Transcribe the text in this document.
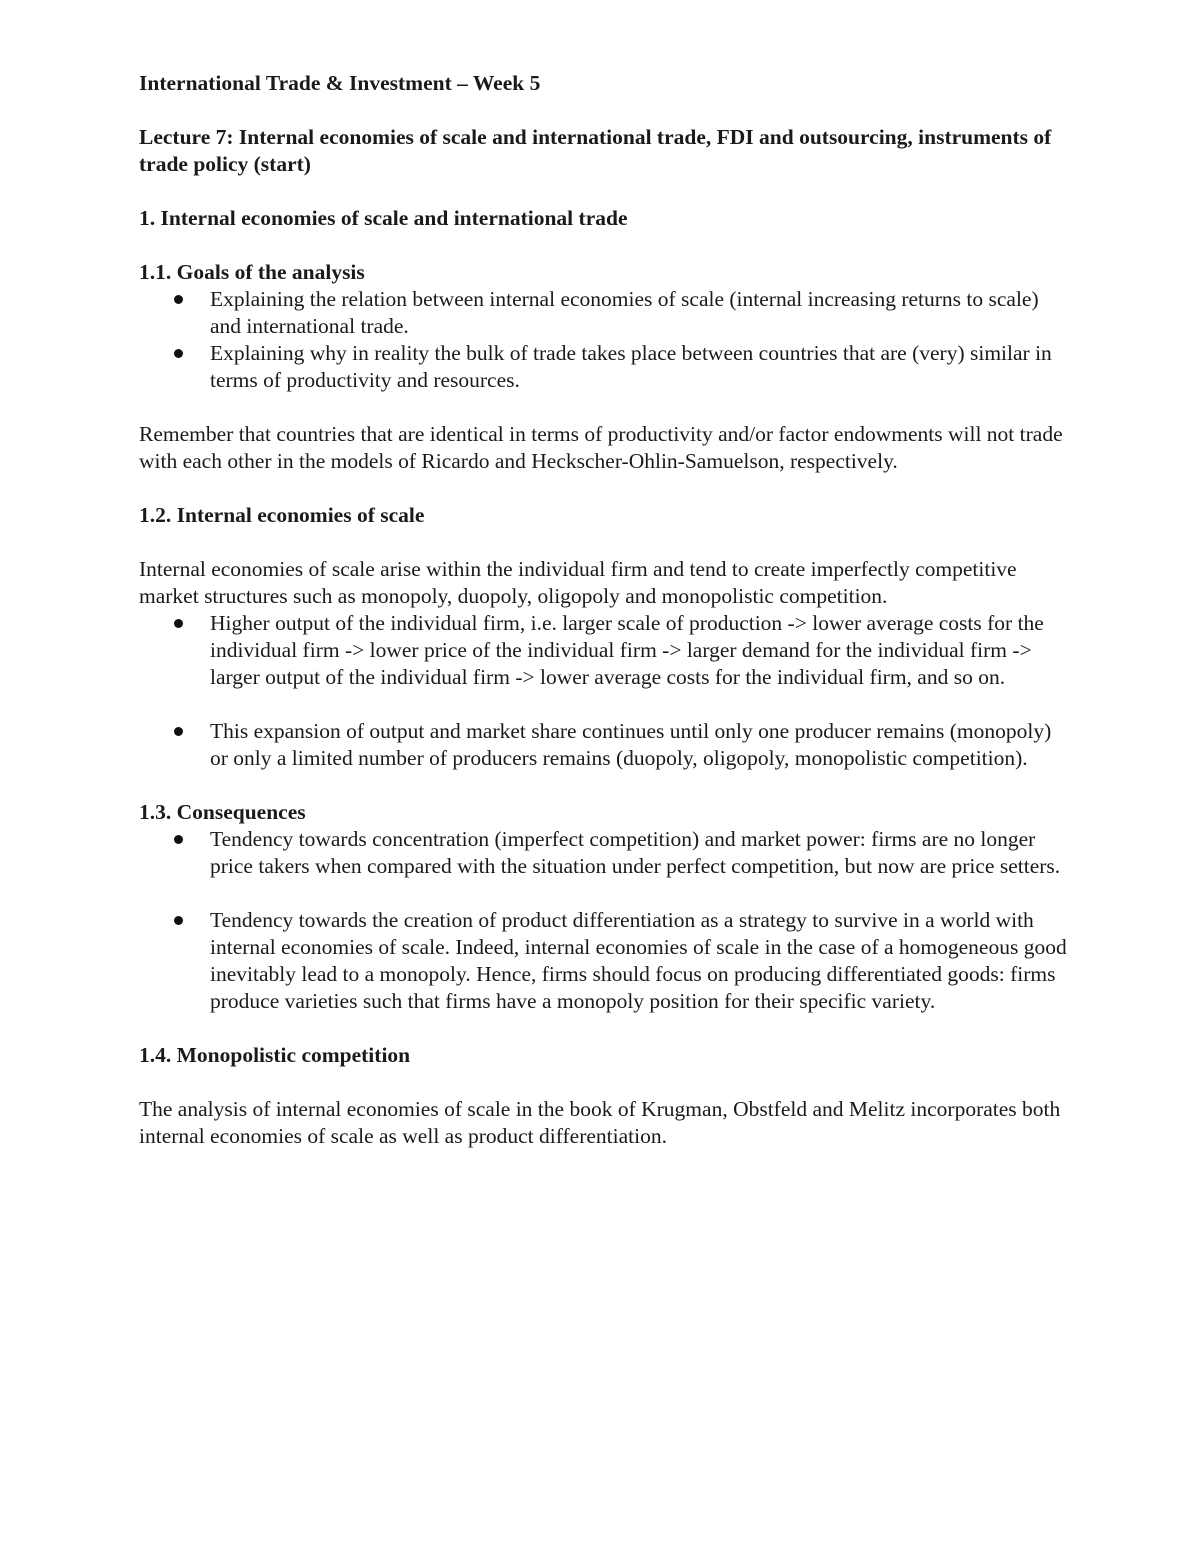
International Trade & Investment – Week 5

Lecture 7: Internal economies of scale and international trade, FDI and outsourcing, instruments of trade policy (start)

1. Internal economies of scale and international trade

1.1. Goals of the analysis

Explaining the relation between internal economies of scale (internal increasing returns to scale) and international trade.
Explaining why in reality the bulk of trade takes place between countries that are (very) similar in terms of productivity and resources.

Remember that countries that are identical in terms of productivity and/or factor endowments will not trade with each other in the models of Ricardo and Heckscher-Ohlin-Samuelson, respectively.

1.2. Internal economies of scale

Internal economies of scale arise within the individual firm and tend to create imperfectly competitive market structures such as monopoly, duopoly, oligopoly and monopolistic competition.

Higher output of the individual firm, i.e. larger scale of production -> lower average costs for the individual firm -> lower price of the individual firm -> larger demand for the individual firm -> larger output of the individual firm -> lower average costs for the individual firm, and so on.
This expansion of output and market share continues until only one producer remains (monopoly) or only a limited number of producers remains (duopoly, oligopoly, monopolistic competition).

1.3. Consequences

Tendency towards concentration (imperfect competition) and market power: firms are no longer price takers when compared with the situation under perfect competition, but now are price setters.
Tendency towards the creation of product differentiation as a strategy to survive in a world with internal economies of scale. Indeed, internal economies of scale in the case of a homogeneous good inevitably lead to a monopoly. Hence, firms should focus on producing differentiated goods: firms produce varieties such that firms have a monopoly position for their specific variety.

1.4. Monopolistic competition

The analysis of internal economies of scale in the book of Krugman, Obstfeld and Melitz incorporates both internal economies of scale as well as product differentiation.
